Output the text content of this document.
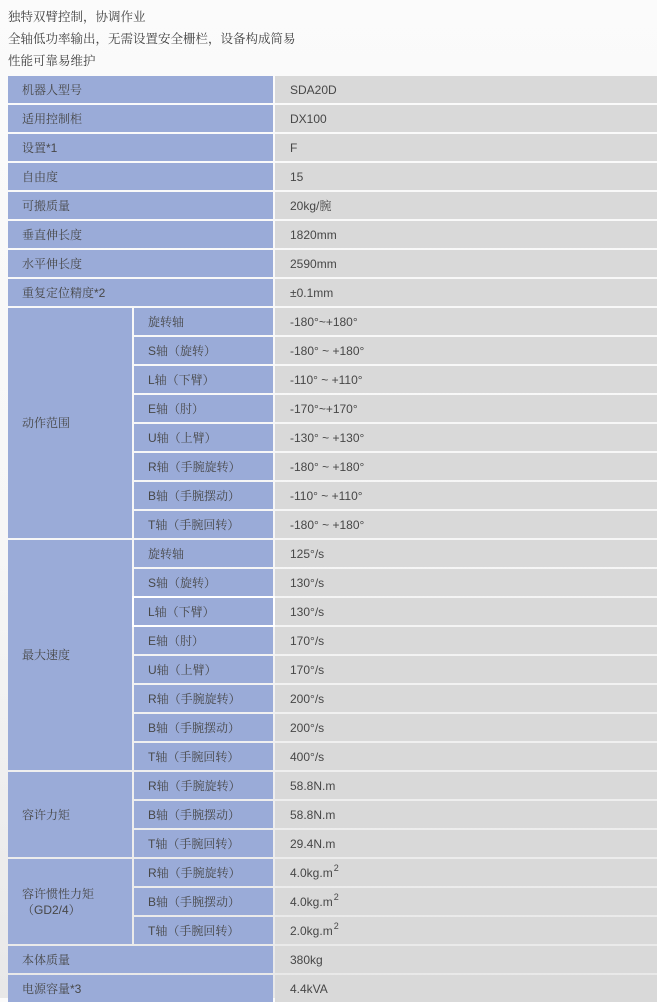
独特双臂控制，协调作业
全轴低功率输出，无需设置安全栅栏，设备构成简易
性能可靠易维护
机器人型号	SDA20D
适用控制柜	DX100
设置*1	F
自由度	15
可搬质量	20kg/腕
垂直伸长度	1820mm
水平伸长度	2590mm
重复定位精度*2	±0.1mm
动作范围
旋转轴	-180°~+180°
S轴（旋转）	-180° ~ +180°
L轴（下臂）	-110° ~ +110°
E轴（肘）	-170°~+170°
U轴（上臂）	-130° ~ +130°
R轴（手腕旋转）	-180° ~ +180°
B轴（手腕摆动）	-110° ~ +110°
T轴（手腕回转）	-180° ~ +180°
最大速度
旋转轴	125°/s
S轴（旋转）	130°/s
L轴（下臂）	130°/s
E轴（肘）	170°/s
U轴（上臂）	170°/s
R轴（手腕旋转）	200°/s
B轴（手腕摆动）	200°/s
T轴（手腕回转）	400°/s
容许力矩
R轴（手腕旋转）	58.8N.m
B轴（手腕摆动）	58.8N.m
T轴（手腕回转）	29.4N.m
容许惯性力矩
（GD2/4）
R轴（手腕旋转）	4.0kg.m 2
B轴（手腕摆动）	4.0kg.m 2
T轴（手腕回转）	2.0kg.m 2
本体质量	380kg
电源容量*3	4.4kVA
